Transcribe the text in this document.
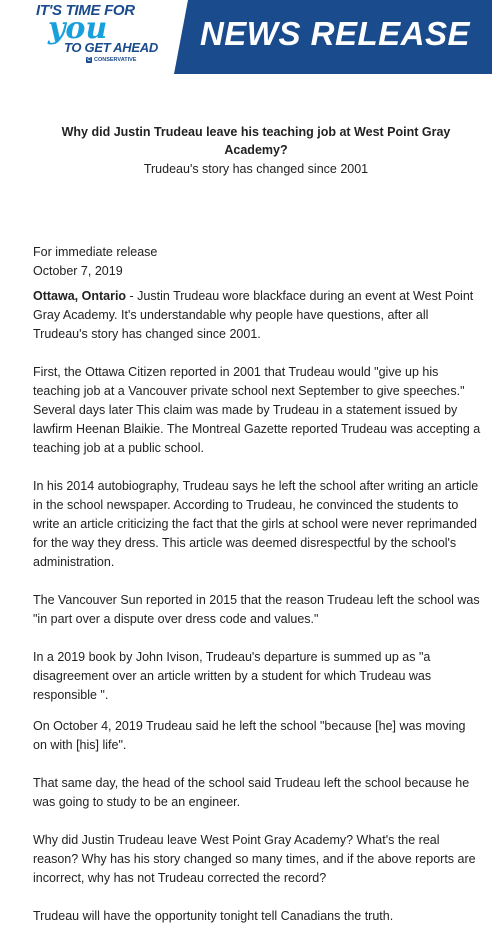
IT'S TIME FOR
you
TO GET AHEAD
C CONSERVATIVE
NEWS RELEASE
Why did Justin Trudeau leave his teaching job at West Point Gray Academy?
Trudeau's story has changed since 2001

For immediate release

October 7, 2019

Ottawa, Ontario - Justin Trudeau wore blackface during an event at West Point Gray Academy. It's understandable why people have questions, after all Trudeau's story has changed since 2001.

First, the Ottawa Citizen reported in 2001 that Trudeau would "give up his teaching job at a Vancouver private school next September to give speeches." Several days later This claim was made by Trudeau in a statement issued by lawfirm Heenan Blaikie. The Montreal Gazette reported Trudeau was accepting a teaching job at a public school.

In his 2014 autobiography, Trudeau says he left the school after writing an article in the school newspaper. According to Trudeau, he convinced the students to write an article criticizing the fact that the girls at school were never reprimanded for the way they dress. This article was deemed disrespectful by the school's administration.

The Vancouver Sun reported in 2015 that the reason Trudeau left the school was "in part over a dispute over dress code and values."

In a 2019 book by John Ivison, Trudeau's departure is summed up as "a disagreement over an article written by a student for which Trudeau was responsible ".

On October 4, 2019 Trudeau said he left the school "because [he] was moving on with [his] life".

That same day, the head of the school said Trudeau left the school because he was going to study to be an engineer.

Why did Justin Trudeau leave West Point Gray Academy? What's the real reason? Why has his story changed so many times, and if the above reports are incorrect, why has not Trudeau corrected the record?

Trudeau will have the opportunity tonight tell Canadians the truth.
